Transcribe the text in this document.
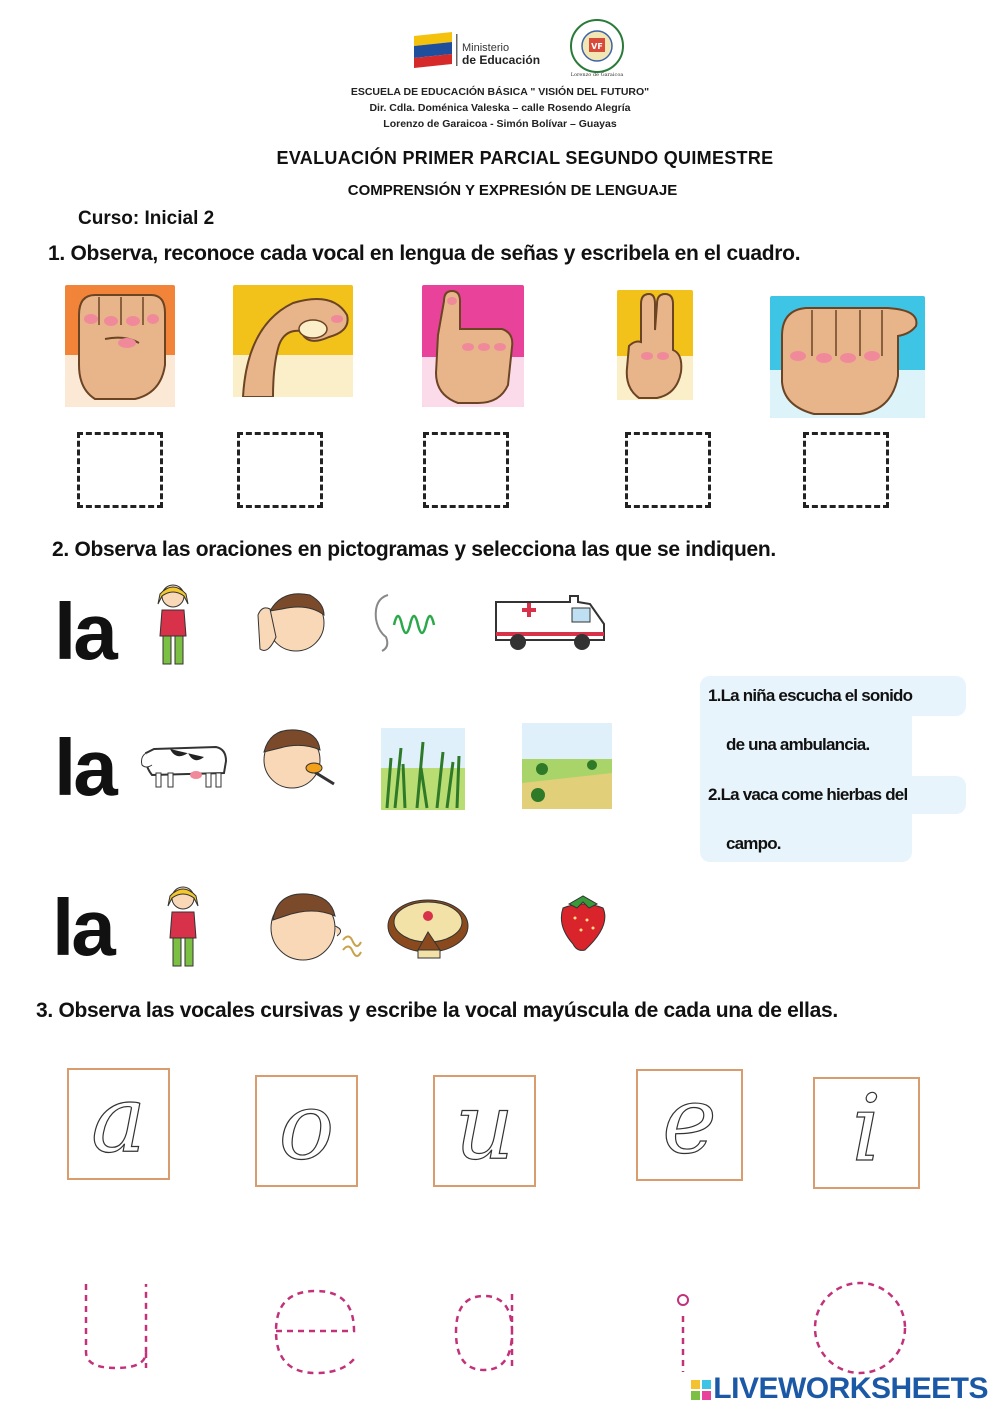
Ministerio
de Educación
VF
Lorenzo de Garaicoa
ESCUELA DE EDUCACIÓN BÁSICA " VISIÓN DEL FUTURO"
Dir. Cdla. Doménica Valeska – calle Rosendo Alegría
Lorenzo de Garaicoa - Simón Bolívar – Guayas
EVALUACIÓN PRIMER PARCIAL SEGUNDO QUIMESTRE
COMPRENSIÓN Y EXPRESIÓN DE LENGUAJE
Curso: Inicial 2
1. Observa, reconoce cada vocal en lengua de señas y escribela en el cuadro.
2. Observa las oraciones en pictogramas y selecciona las que se indiquen.
la
la
1.La niña escucha el sonido
de una ambulancia.
2.La vaca come hierbas del
campo.
la
3. Observa las vocales cursivas y escribe la vocal mayúscula de cada una de ellas.
a o u e	i
LIVEWORKSHEETS
